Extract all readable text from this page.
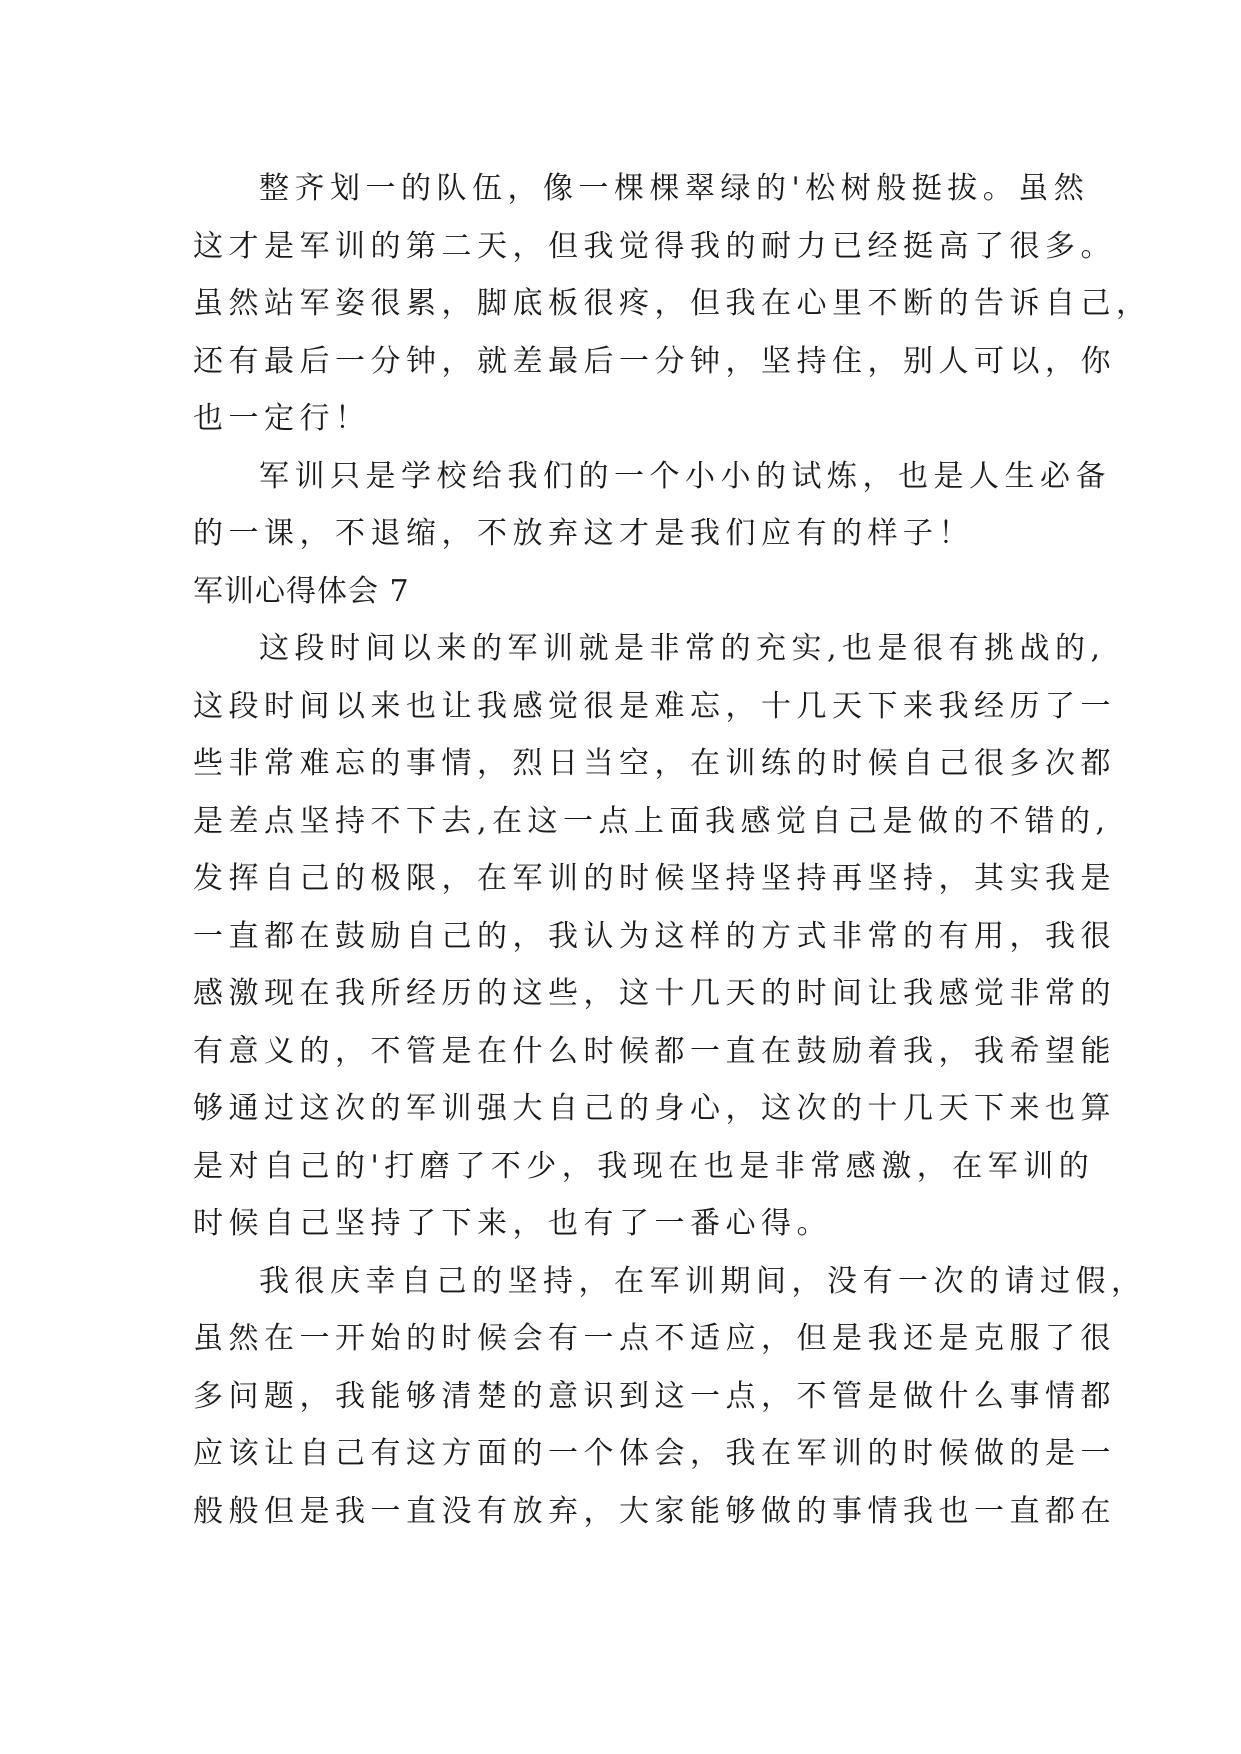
整齐划一的队伍，像一棵棵翠绿的'松树般挺拔。虽然
这才是军训的第二天，但我觉得我的耐力已经挺高了很多。
虽然站军姿很累，脚底板很疼，但我在心里不断的告诉自己，
还有最后一分钟，就差最后一分钟，坚持住，别人可以，你
也一定行！
军训只是学校给我们的一个小小的试炼，也是人生必备
的一课，不退缩，不放弃这才是我们应有的样子！
军训心得体会 7
这段时间以来的军训就是非常的充实,也是很有挑战的,
这段时间以来也让我感觉很是难忘，十几天下来我经历了一
些非常难忘的事情，烈日当空，在训练的时候自己很多次都
是差点坚持不下去,在这一点上面我感觉自己是做的不错的,
发挥自己的极限，在军训的时候坚持坚持再坚持，其实我是
一直都在鼓励自己的，我认为这样的方式非常的有用，我很
感激现在我所经历的这些，这十几天的时间让我感觉非常的
有意义的，不管是在什么时候都一直在鼓励着我，我希望能
够通过这次的军训强大自己的身心，这次的十几天下来也算
是对自己的'打磨了不少，我现在也是非常感激，在军训的
时候自己坚持了下来，也有了一番心得。
我很庆幸自己的坚持，在军训期间，没有一次的请过假，
虽然在一开始的时候会有一点不适应，但是我还是克服了很
多问题，我能够清楚的意识到这一点，不管是做什么事情都
应该让自己有这方面的一个体会，我在军训的时候做的是一
般般但是我一直没有放弃，大家能够做的事情我也一直都在
